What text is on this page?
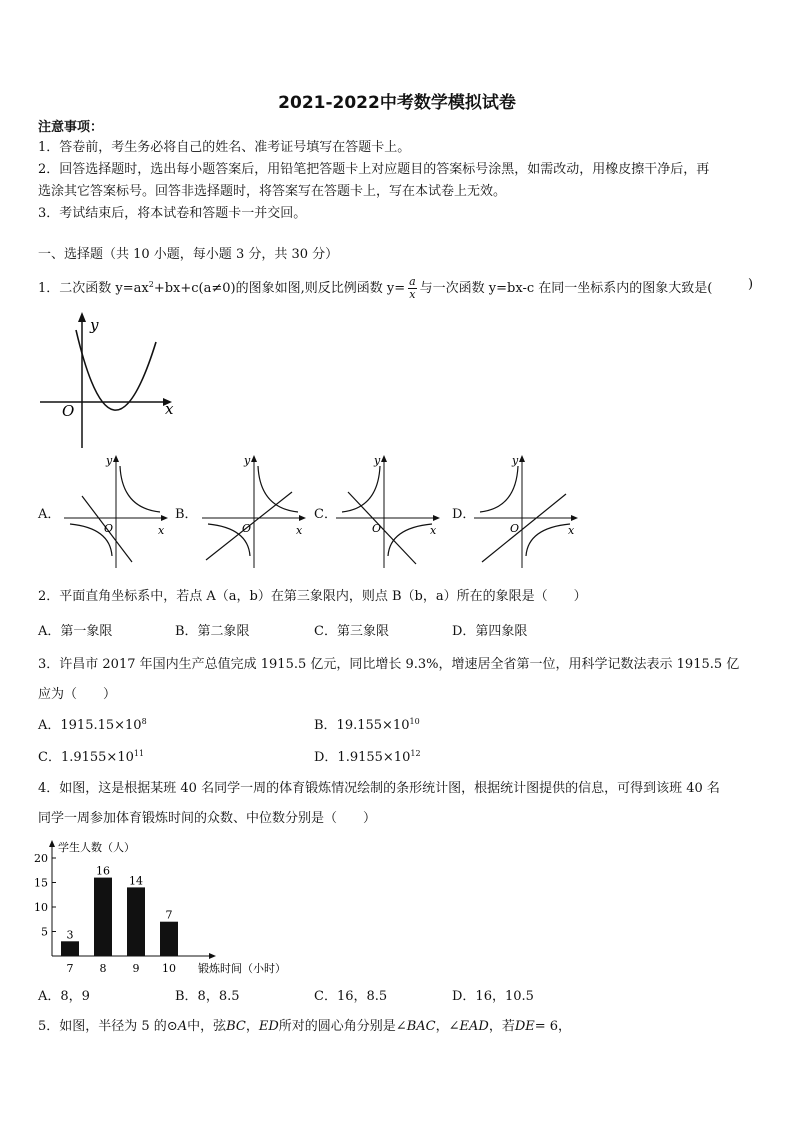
2021-2022中考数学模拟试卷
注意事项：
1．答卷前，考生务必将自己的姓名、准考证号填写在答题卡上。
2．回答选择题时，选出每小题答案后，用铅笔把答题卡上对应题目的答案标号涂黑，如需改动，用橡皮擦干净后，再
选涂其它答案标号。回答非选择题时，将答案写在答题卡上，写在本试卷上无效。
3．考试结束后，将本试卷和答题卡一并交回。
一、选择题（共 10 小题，每小题 3 分，共 30 分）
1．二次函数 $y=ax^2+bx+c(a\ne 0)$的图象如图,则反比例函数 $y= \frac{a}{x}$ 与一次函数 y=bx-c 在同一坐标系内的图象大致是(	)
y
x
O
A．	B．	C．	D．
y
x
O
y
x
O
y
x
O
y
x
O
2．平面直角坐标系中，若点 A（a，b）在第三象限内，则点 B（b，a）所在的象限是（　　）
A．第一象限	B．第二象限	C．第三象限	D．第四象限
3．许昌市 2017 年国内生产总值完成 1915.5 亿元，同比增长 9.3%，增速居全省第一位，用科学记数法表示 1915.5 亿
应为（　　）
A．$1915.15\times 10^8$	B．$19.155\times 10^{10}$
C．$1.9155\times 10^{11}$	D．$1.9155\times 10^{12}$
4．如图，这是根据某班 40 名同学一周的体育锻炼情况绘制的条形统计图，根据统计图提供的信息，可得到该班 40 名
同学一周参加体育锻炼时间的众数、中位数分别是（　　）
5
10
15
20
学生人数（人）
锻炼时间（小时）
3
7
16
8
14
9
7
10
A．8，9	B．8，8.5	C．16，8.5	D．16，10.5
5．如图，半径为 5 的⊙A中，弦BC，ED所对的圆心角分别是∠BAC，∠EAD，若DE= 6，
